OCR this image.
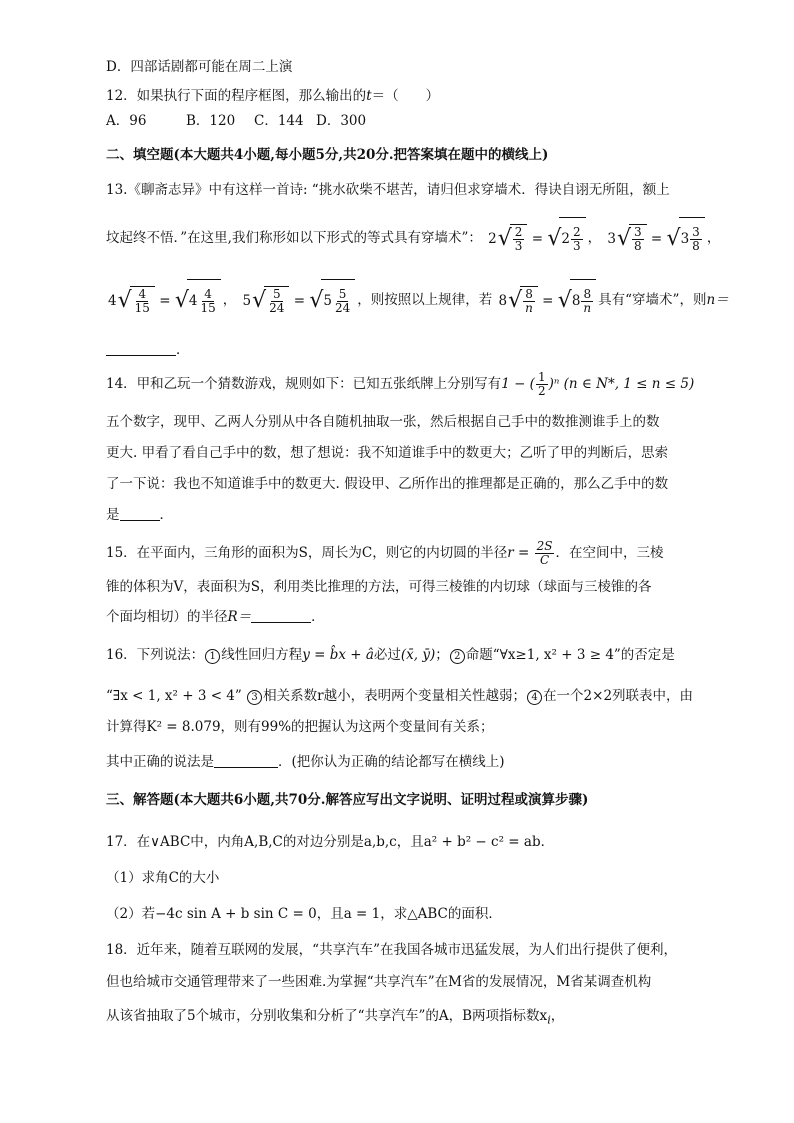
D．四部话剧都可能在周二上演
12．如果执行下面的程序框图，那么输出的t＝（　　）
A．96	B．120 C．144 D．300
二、填空题(本大题共4小题,每小题5分,共20分.把答案填在题中的横线上)
13.《聊斋志异》中有这样一首诗: “挑水砍柴不堪苦，请归但求穿墙术．得诀自诩无所阻，额上
坟起终不悟．”在这里,我们称形如以下形式的等式具有穿墙术”： 2 √ $\frac{2}{3}$ = √ $2 \frac{2}{3}$ ， 3 √ $\frac{3}{8}$ = √ $3 \frac{3}{8}$ ，
4 √ $\frac{4}{15}$ = √ $4 \frac{4}{15}$ ， 5 √ $\frac{5}{24}$ = √ $5 \frac{5}{24}$ ，则按照以上规律，若 8 √ $\frac{8}{n}$ = √ $8 \frac{8}{n}$ 具有“穿墙术”，则n＝
．
14．甲和乙玩一个猜数游戏，规则如下：已知五张纸牌上分别写有1 − ( $\frac{1}{2} )^n$ (n ∈ N*, 1 ≤ n ≤ 5)
五个数字，现甲、乙两人分别从中各自随机抽取一张，然后根据自己手中的数推测谁手上的数
更大. 甲看了看自己手中的数，想了想说：我不知道谁手中的数更大；乙听了甲的判断后，思索
了一下说：我也不知道谁手中的数更大. 假设甲、乙所作出的推理都是正确的，那么乙手中的数
是	．
15．在平面内，三角形的面积为S，周长为C，则它的内切圆的半径$r = \frac{2S}{C}$ ．在空间中，三棱
锥的体积为V，表面积为S，利用类比推理的方法，可得三棱锥的内切球（球面与三棱锥的各
个面均相切）的半径R＝	．
16．下列说法： 1 线性回归方程y = b̂x + â必过(x̄, ȳ)； 2 命题“∀x≥1, x² + 3 ≥ 4”的否定是
“∃x < 1, x² + 3 < 4” 3 相关系数r越小，表明两个变量相关性越弱； 4 在一个2×2列联表中，由
计算得K² = 8.079，则有99%的把握认为这两个变量间有关系；
其中正确的说法是	．(把你认为正确的结论都写在横线上)
三、解答题(本大题共6小题,共70分.解答应写出文字说明、证明过程或演算步骤)
17．在∨ABC中，内角A,B,C的对边分别是a,b,c，且a² + b² − c² = ab．
（1）求角C的大小
（2）若−4c sin A + b sin C = 0，且a = 1，求△ABC的面积．
18．近年来，随着互联网的发展，“共享汽车”在我国各城市迅猛发展，为人们出行提供了便利，
但也给城市交通管理带来了一些困难.为掌握“共享汽车”在M省的发展情况，M省某调查机构
从该省抽取了5个城市，分别收集和分析了“共享汽车”的A，B两项指标数$x_i$，
